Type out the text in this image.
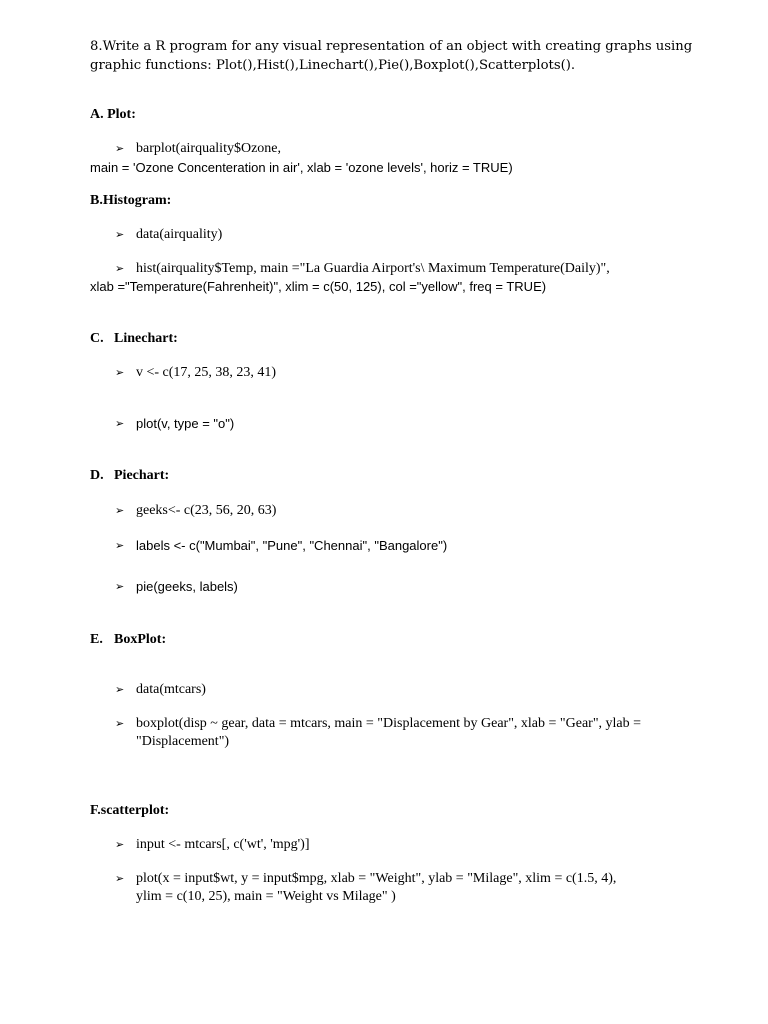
8.Write a R program for any visual representation of an object with creating graphs using
graphic functions: Plot(),Hist(),Linechart(),Pie(),Boxplot(),Scatterplots().
A. Plot:
➢ barplot(airquality$Ozone,
main = 'Ozone Concenteration in air', xlab = 'ozone levels', horiz = TRUE)
B.Histogram:
➢ data(airquality)
➢ hist(airquality$Temp, main ="La Guardia Airport's\ Maximum Temperature(Daily)",
xlab ="Temperature(Fahrenheit)", xlim = c(50, 125), col ="yellow", freq = TRUE)
C. Linechart:
➢ v <- c(17, 25, 38, 23, 41)
➢ plot(v, type = "o")
D. Piechart:
➢ geeks<- c(23, 56, 20, 63)
➢ labels <- c("Mumbai", "Pune", "Chennai", "Bangalore")
➢ pie(geeks, labels)
E. BoxPlot:
➢ data(mtcars)
➢ boxplot(disp ~ gear, data = mtcars, main = "Displacement by Gear", xlab = "Gear", ylab =
"Displacement")
F.scatterplot:
➢ input <- mtcars[, c('wt', 'mpg')]
➢ plot(x = input$wt, y = input$mpg, xlab = "Weight", ylab = "Milage", xlim = c(1.5, 4),
ylim = c(10, 25), main = "Weight vs Milage" )
